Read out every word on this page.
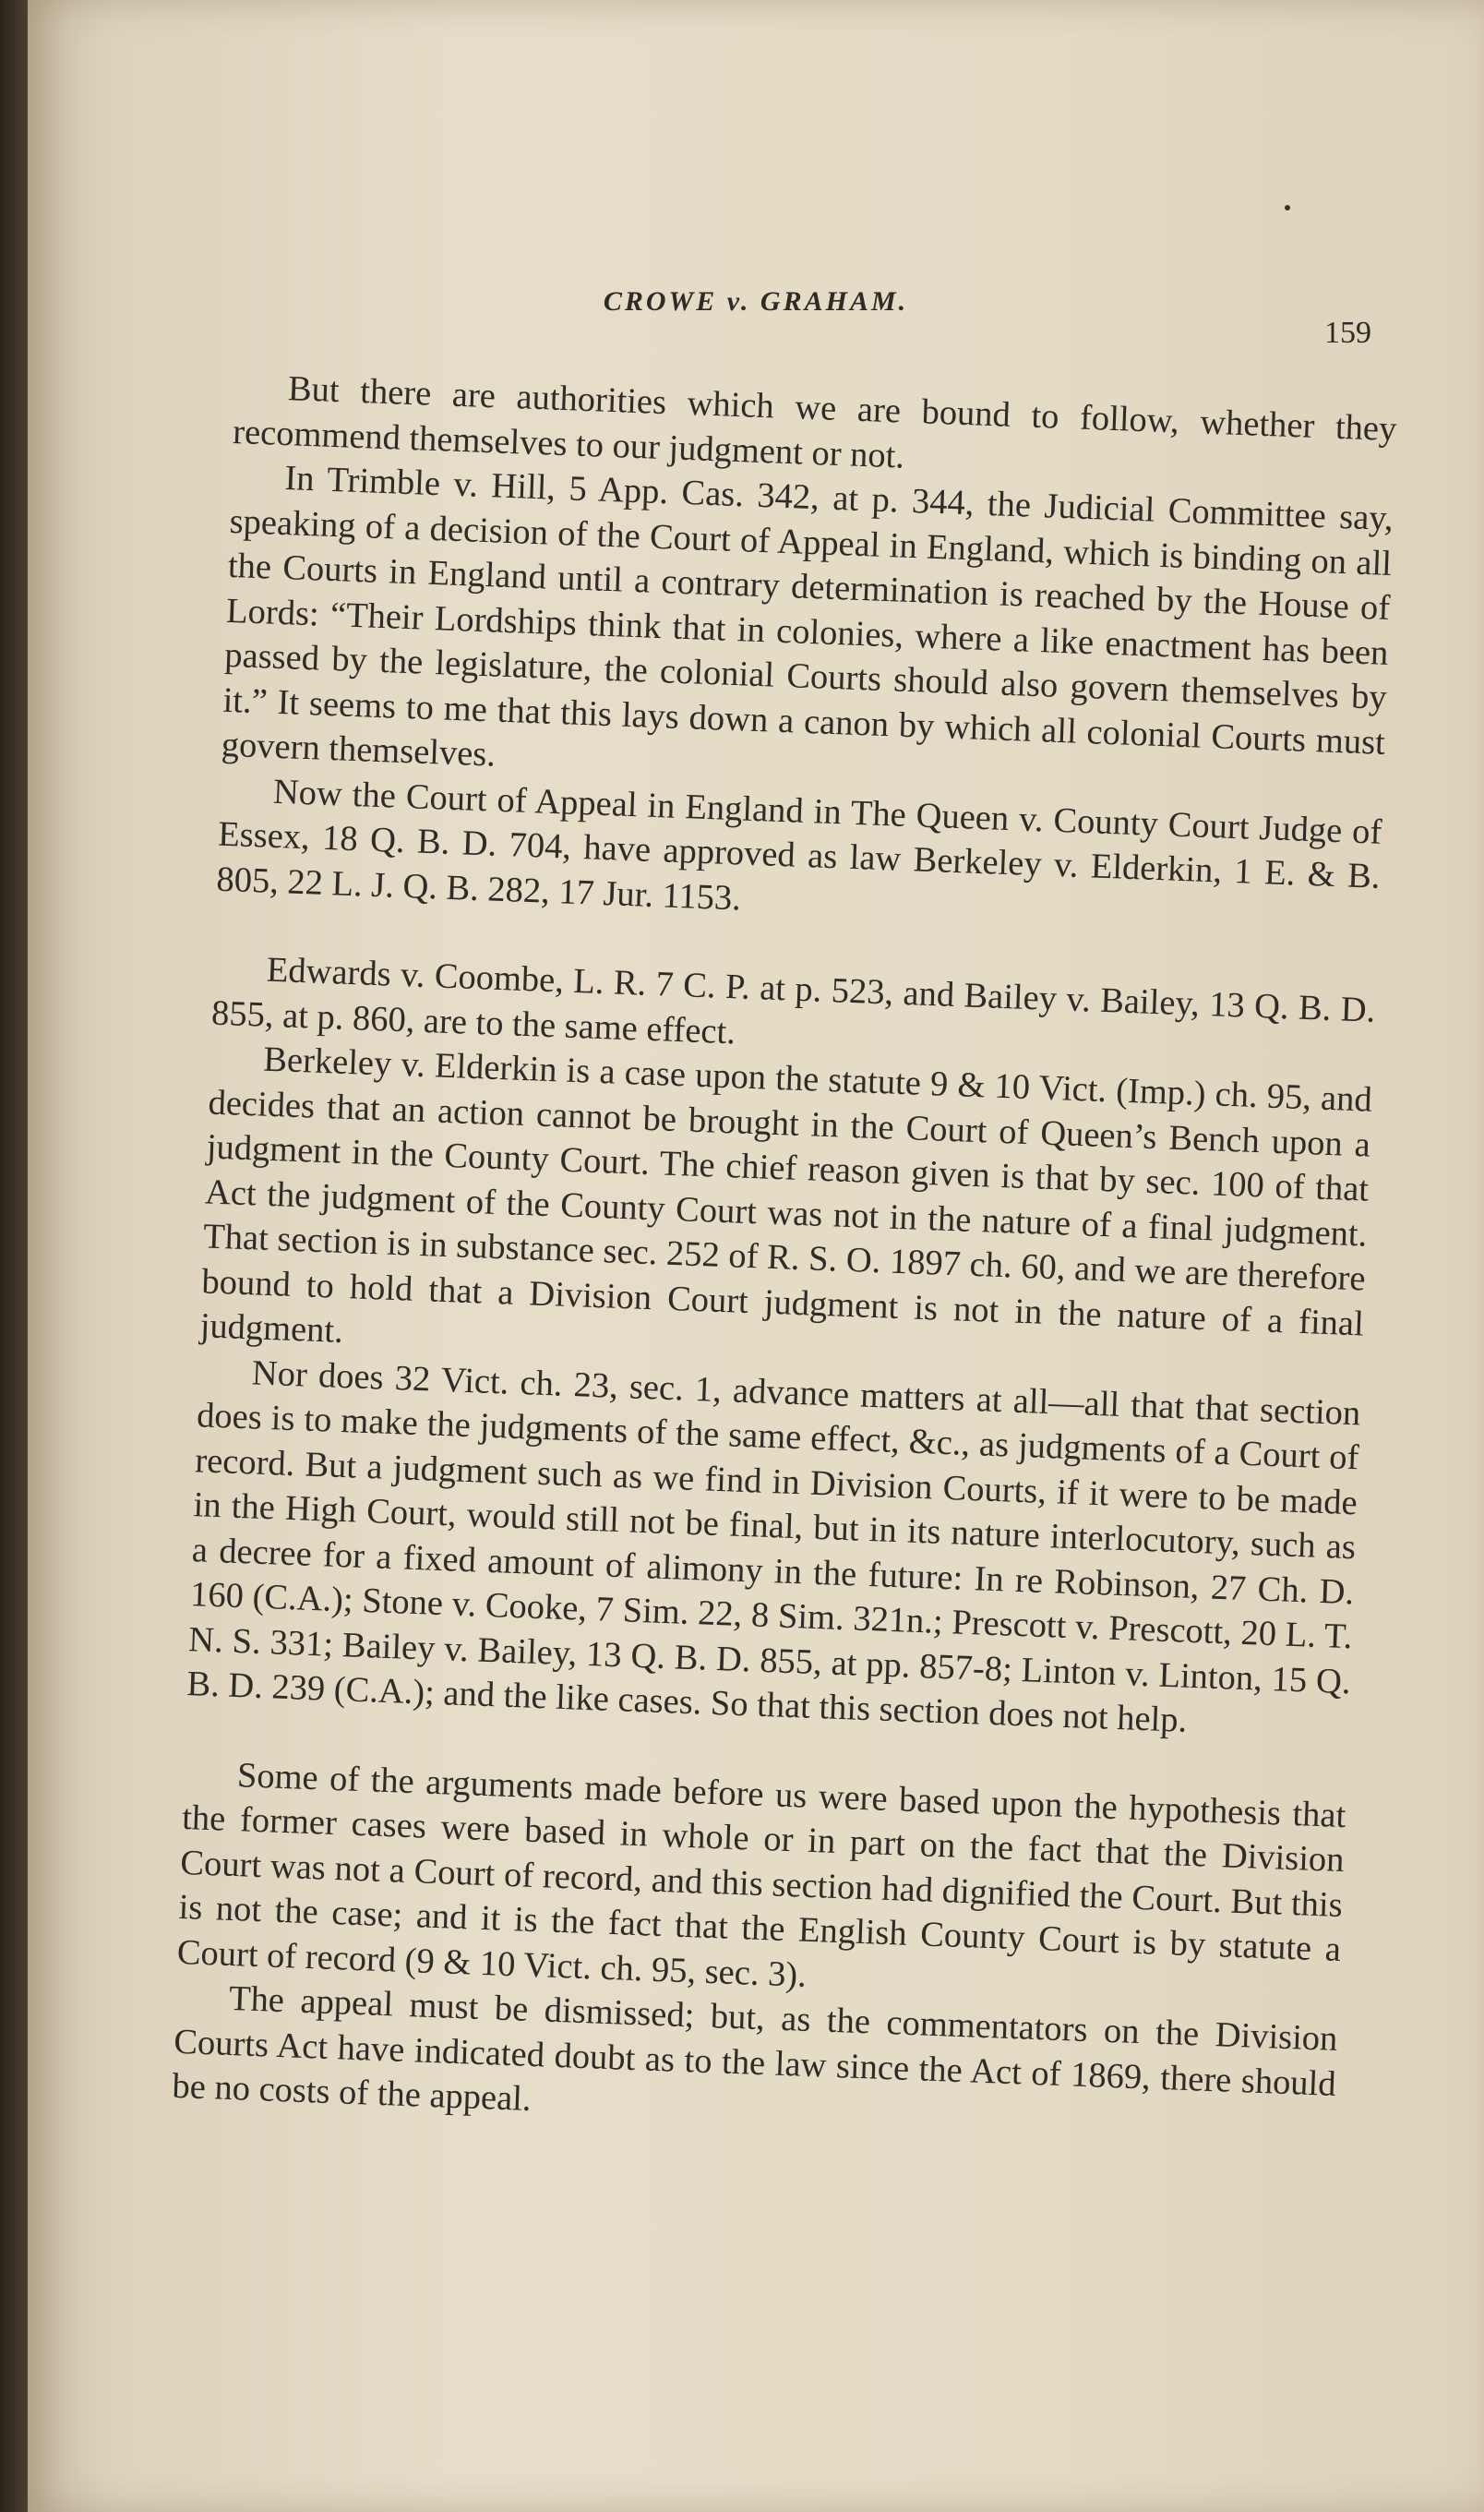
CROWE v. GRAHAM.
159

But there are authorities which we are bound to follow, whether they recommend themselves to our judgment or not.

In Trimble v. Hill, 5 App. Cas. 342, at p. 344, the Judicial Committee say, speaking of a decision of the Court of Appeal in England, which is binding on all the Courts in England until a contrary determination is reached by the House of Lords: “Their Lordships think that in colonies, where a like enactment has been passed by the legislature, the colonial Courts should also govern themselves by it.” It seems to me that this lays down a canon by which all colonial Courts must govern themselves.

Now the Court of Appeal in England in The Queen v. County Court Judge of Essex, 18 Q. B. D. 704, have approved as law Berkeley v. Elderkin, 1 E. & B. 805, 22 L. J. Q. B. 282, 17 Jur. 1153.

Edwards v. Coombe, L. R. 7 C. P. at p. 523, and Bailey v. Bailey, 13 Q. B. D. 855, at p. 860, are to the same effect.

Berkeley v. Elderkin is a case upon the statute 9 & 10 Vict. (Imp.) ch. 95, and decides that an action cannot be brought in the Court of Queen’s Bench upon a judgment in the County Court. The chief reason given is that by sec. 100 of that Act the judgment of the County Court was not in the nature of a final judgment. That section is in substance sec. 252 of R. S. O. 1897 ch. 60, and we are therefore bound to hold that a Division Court judgment is not in the nature of a final judgment.

Nor does 32 Vict. ch. 23, sec. 1, advance matters at all—all that that section does is to make the judgments of the same effect, &c., as judgments of a Court of record. But a judgment such as we find in Division Courts, if it were to be made in the High Court, would still not be final, but in its nature interlocutory, such as a decree for a fixed amount of alimony in the future: In re Robinson, 27 Ch. D. 160 (C.A.); Stone v. Cooke, 7 Sim. 22, 8 Sim. 321n.; Prescott v. Prescott, 20 L. T. N. S. 331; Bailey v. Bailey, 13 Q. B. D. 855, at pp. 857-8; Linton v. Linton, 15 Q. B. D. 239 (C.A.); and the like cases. So that this section does not help.

Some of the arguments made before us were based upon the hypothesis that the former cases were based in whole or in part on the fact that the Division Court was not a Court of record, and this section had dignified the Court. But this is not the case; and it is the fact that the English County Court is by statute a Court of record (9 & 10 Vict. ch. 95, sec. 3).

The appeal must be dismissed; but, as the commentators on the Division Courts Act have indicated doubt as to the law since the Act of 1869, there should be no costs of the appeal.
